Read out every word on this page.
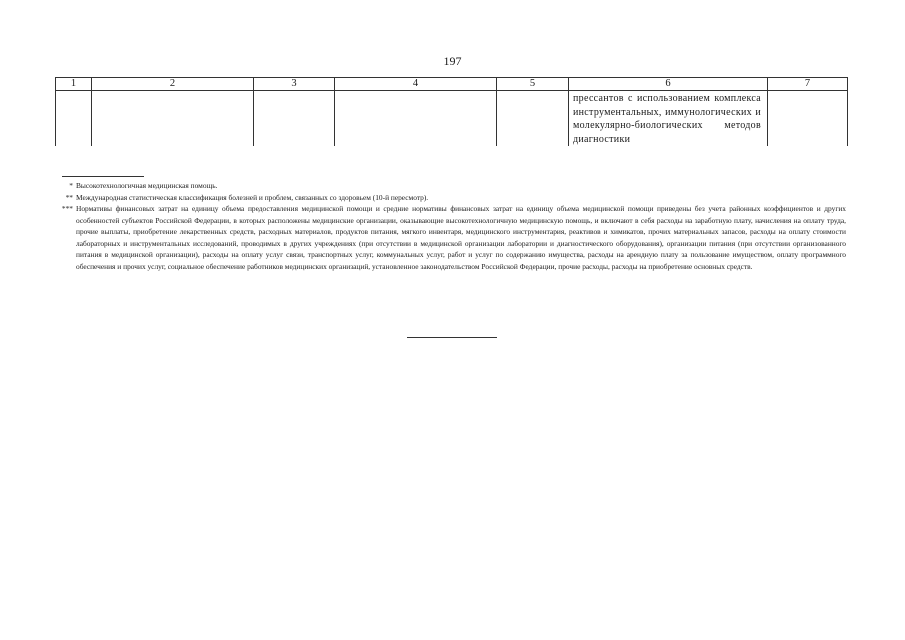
197
1	2	3	4	5	6	7

					прессантов с использованием комплекса инструментальных, иммунологических и молекулярно-биологических методов диагностики	

* Высокотехнологичная медицинская помощь.
** Международная статистическая классификация болезней и проблем, связанных со здоровьем (10-й пересмотр).
*** Нормативы финансовых затрат на единицу объема предоставления медицинской помощи и средние нормативы финансовых затрат на единицу объема медицинской помощи приведены без учета районных коэффициентов и других особенностей субъектов Российской Федерации, в которых расположены медицинские организации, оказывающие высокотехнологичную медицинскую помощь, и включают в себя расходы на заработную плату, начисления на оплату труда, прочие выплаты, приобретение лекарственных средств, расходных материалов, продуктов питания, мягкого инвентаря, медицинского инструментария, реактивов и химикатов, прочих материальных запасов, расходы на оплату стоимости лабораторных и инструментальных исследований, проводимых в других учреждениях (при отсутствии в медицинской организации лаборатории и диагностического оборудования), организации питания (при отсутствии организованного питания в медицинской организации), расходы на оплату услуг связи, транспортных услуг, коммунальных услуг, работ и услуг по содержанию имущества, расходы на арендную плату за пользование имуществом, оплату программного обеспечения и прочих услуг, социальное обеспечение работников медицинских организаций, установленное законодательством Российской Федерации, прочие расходы, расходы на приобретение основных средств.
